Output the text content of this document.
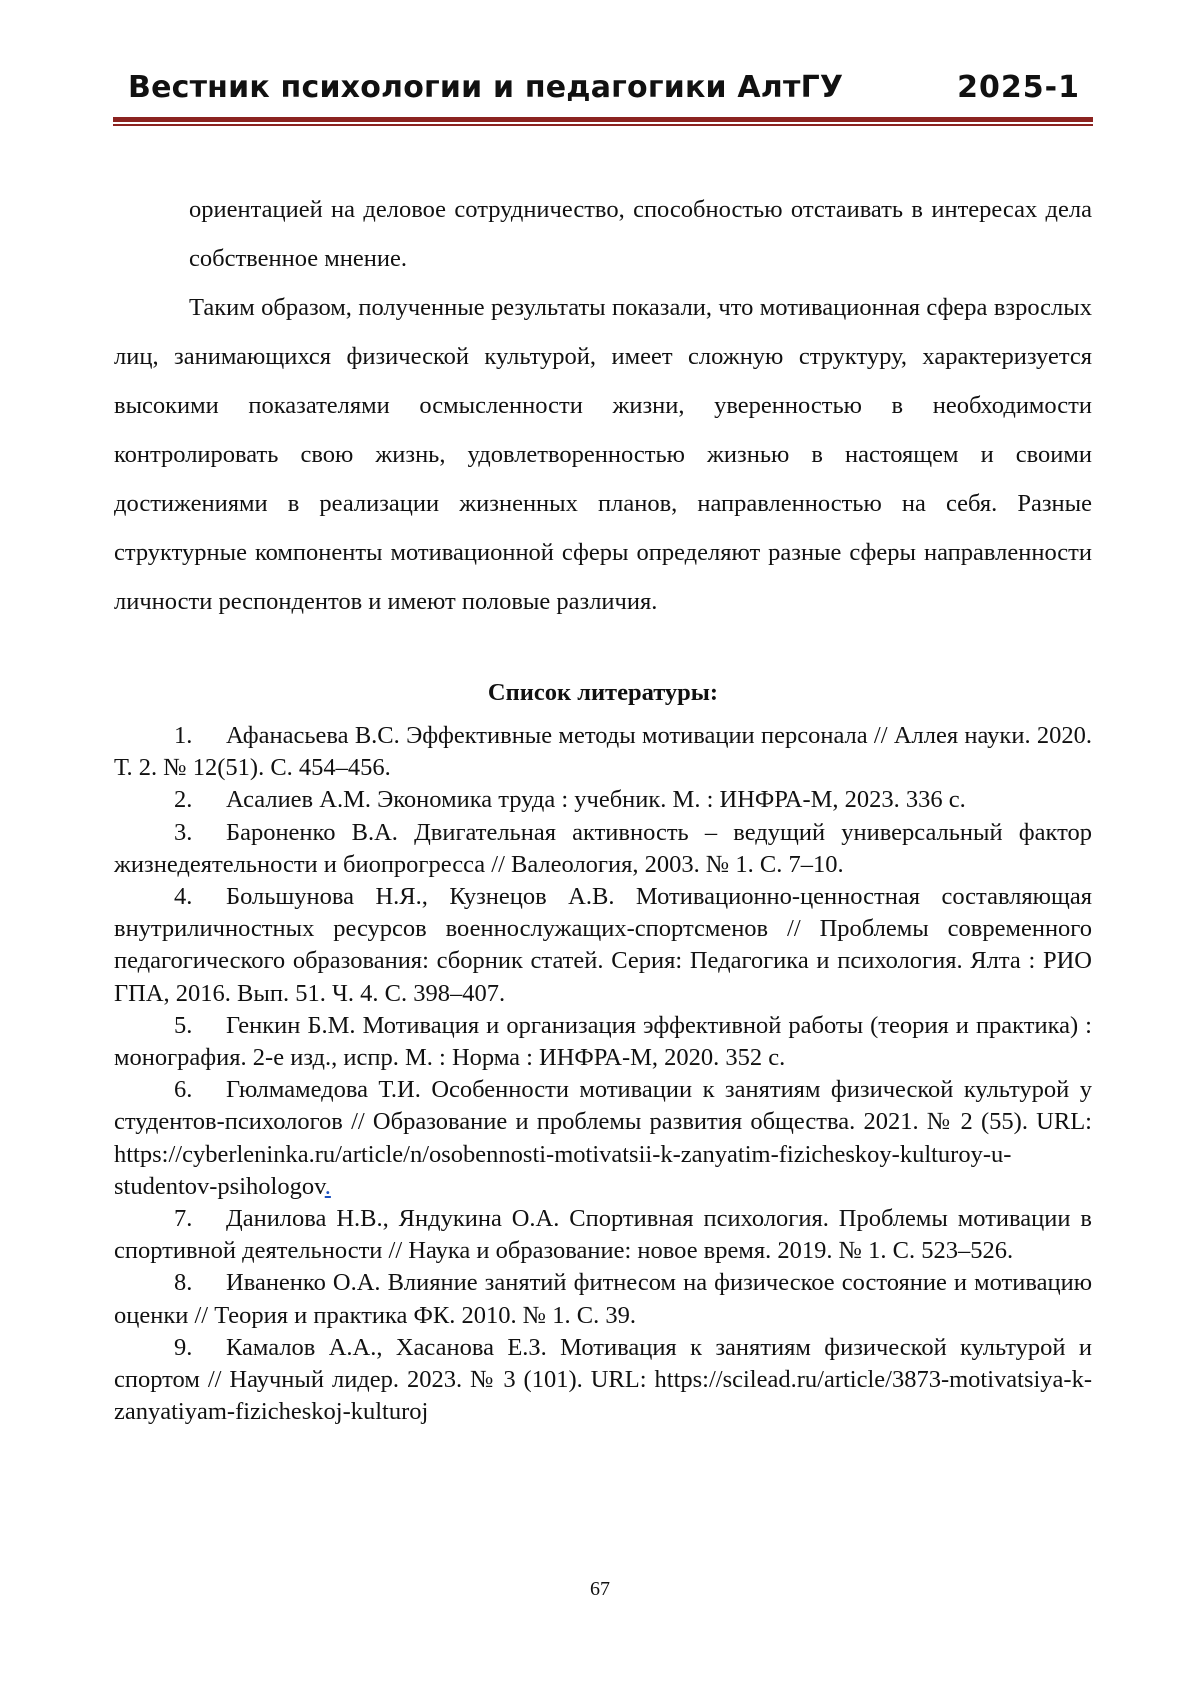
Вестник психологии и педагогики АлтГУ	2025-1

ориентацией на деловое сотрудничество, способностью отстаивать в интересах дела собственное мнение.

Таким образом, полученные результаты показали, что мотивационная сфера взрослых лиц, занимающихся физической культурой, имеет сложную структуру, характеризуется высокими показателями осмысленности жизни, уверенностью в необходимости контролировать свою жизнь, удовлетворенностью жизнью в настоящем и своими достижениями в реализации жизненных планов, направленностью на себя. Разные структурные компоненты мотивационной сферы определяют разные сферы направленности личности респондентов и имеют половые различия.

Список литературы:
1. Афанасьева В.С. Эффективные методы мотивации персонала // Аллея науки. 2020. Т. 2. № 12(51). С. 454–456.
2. Асалиев А.М. Экономика труда : учебник. М. : ИНФРА-М, 2023. 336 с.
3. Бароненко В.А. Двигательная активность – ведущий универсальный фактор жизнедеятельности и биопрогресса // Валеология, 2003. № 1. С. 7–10.
4. Большунова Н.Я., Кузнецов А.В. Мотивационно-ценностная составляющая внутриличностных ресурсов военнослужащих-спортсменов // Проблемы современного педагогического образования: сборник статей. Серия: Педагогика и психология. Ялта : РИО ГПА, 2016. Вып. 51. Ч. 4. С. 398–407.
5. Генкин Б.М. Мотивация и организация эффективной работы (теория и практика) : монография. 2-е изд., испр. М. : Норма : ИНФРА-М, 2020. 352 с.
6. Гюлмамедова Т.И. Особенности мотивации к занятиям физической культурой у студентов-психологов // Образование и проблемы развития общества. 2021. № 2 (55). URL: https://cyberleninka.ru/article/n/osobennosti-motivatsii-k-zanyatim-fizicheskoy-kulturoy-u-studentov-psihologov.
7. Данилова Н.В., Яндукина О.А. Спортивная психология. Проблемы мотивации в спортивной деятельности // Наука и образование: новое время. 2019. № 1. С. 523–526.
8. Иваненко О.А. Влияние занятий фитнесом на физическое состояние и мотивацию оценки // Теория и практика ФК. 2010. № 1. С. 39.
9. Камалов А.А., Хасанова Е.З. Мотивация к занятиям физической культурой и спортом // Научный лидер. 2023. № 3 (101). URL: https://scilead.ru/article/3873-motivatsiya-k-zanyatiyam-fizicheskoj-kulturoj
67
